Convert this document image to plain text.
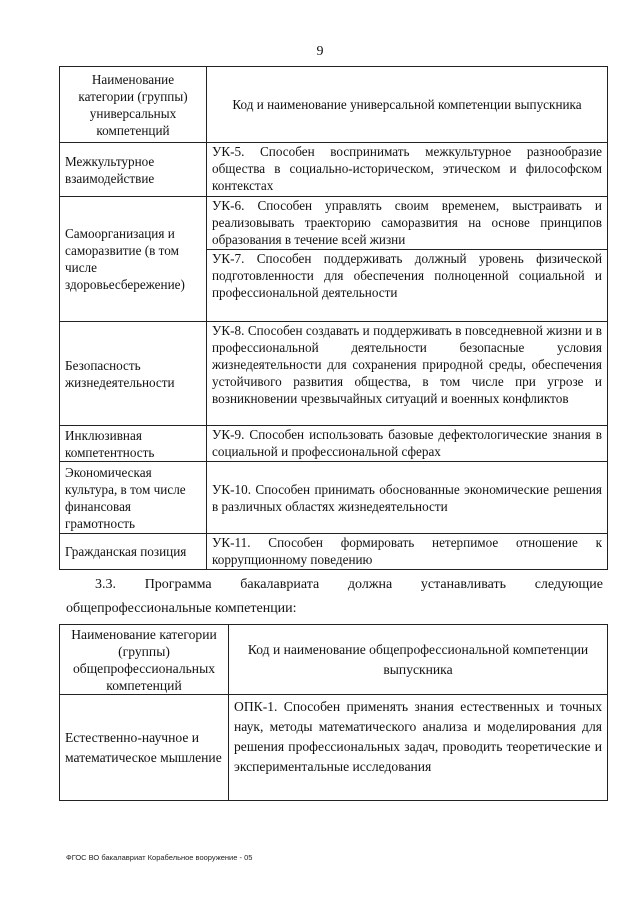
9
Наименование категории (группы) универсальных компетенций	Код и наименование универсальной компетенции выпускника
Межкультурное взаимодействие	УК-5. Способен воспринимать межкультурное разнообразие общества в социально-историческом, этическом и философском контекстах
Самоорганизация и саморазвитие (в том числе здоровьесбережение)	УК-6. Способен управлять своим временем, выстраивать и реализовывать траекторию саморазвития на основе принципов образования в течение всей жизни
	УК-7. Способен поддерживать должный уровень физической подготовленности для обеспечения полноценной социальной и профессиональной деятельности
Безопасность жизнедеятельности	УК-8. Способен создавать и поддерживать в повседневной жизни и в профессиональной деятельности безопасные условия жизнедеятельности для сохранения природной среды, обеспечения устойчивого развития общества, в том числе при угрозе и возникновении чрезвычайных ситуаций и военных конфликтов
Инклюзивная компетентность	УК-9. Способен использовать базовые дефектологические знания в социальной и профессиональной сферах
Экономическая культура, в том числе финансовая грамотность	УК-10. Способен принимать обоснованные экономические решения в различных областях жизнедеятельности
Гражданская позиция	УК-11. Способен формировать нетерпимое отношение к коррупционному поведению
3.3. Программа бакалавриата должна устанавливать следующие
общепрофессиональные компетенции:
Наименование категории (группы) общепрофессиональных компетенций	Код и наименование общепрофессиональной компетенции выпускника
Естественно-научное и математическое мышление	ОПК-1. Способен применять знания естественных и точных наук, методы математического анализа и моделирования для решения профессиональных задач, проводить теоретические и экспериментальные исследования
ФГОС ВО бакалавриат Корабельное вооружение - 05
